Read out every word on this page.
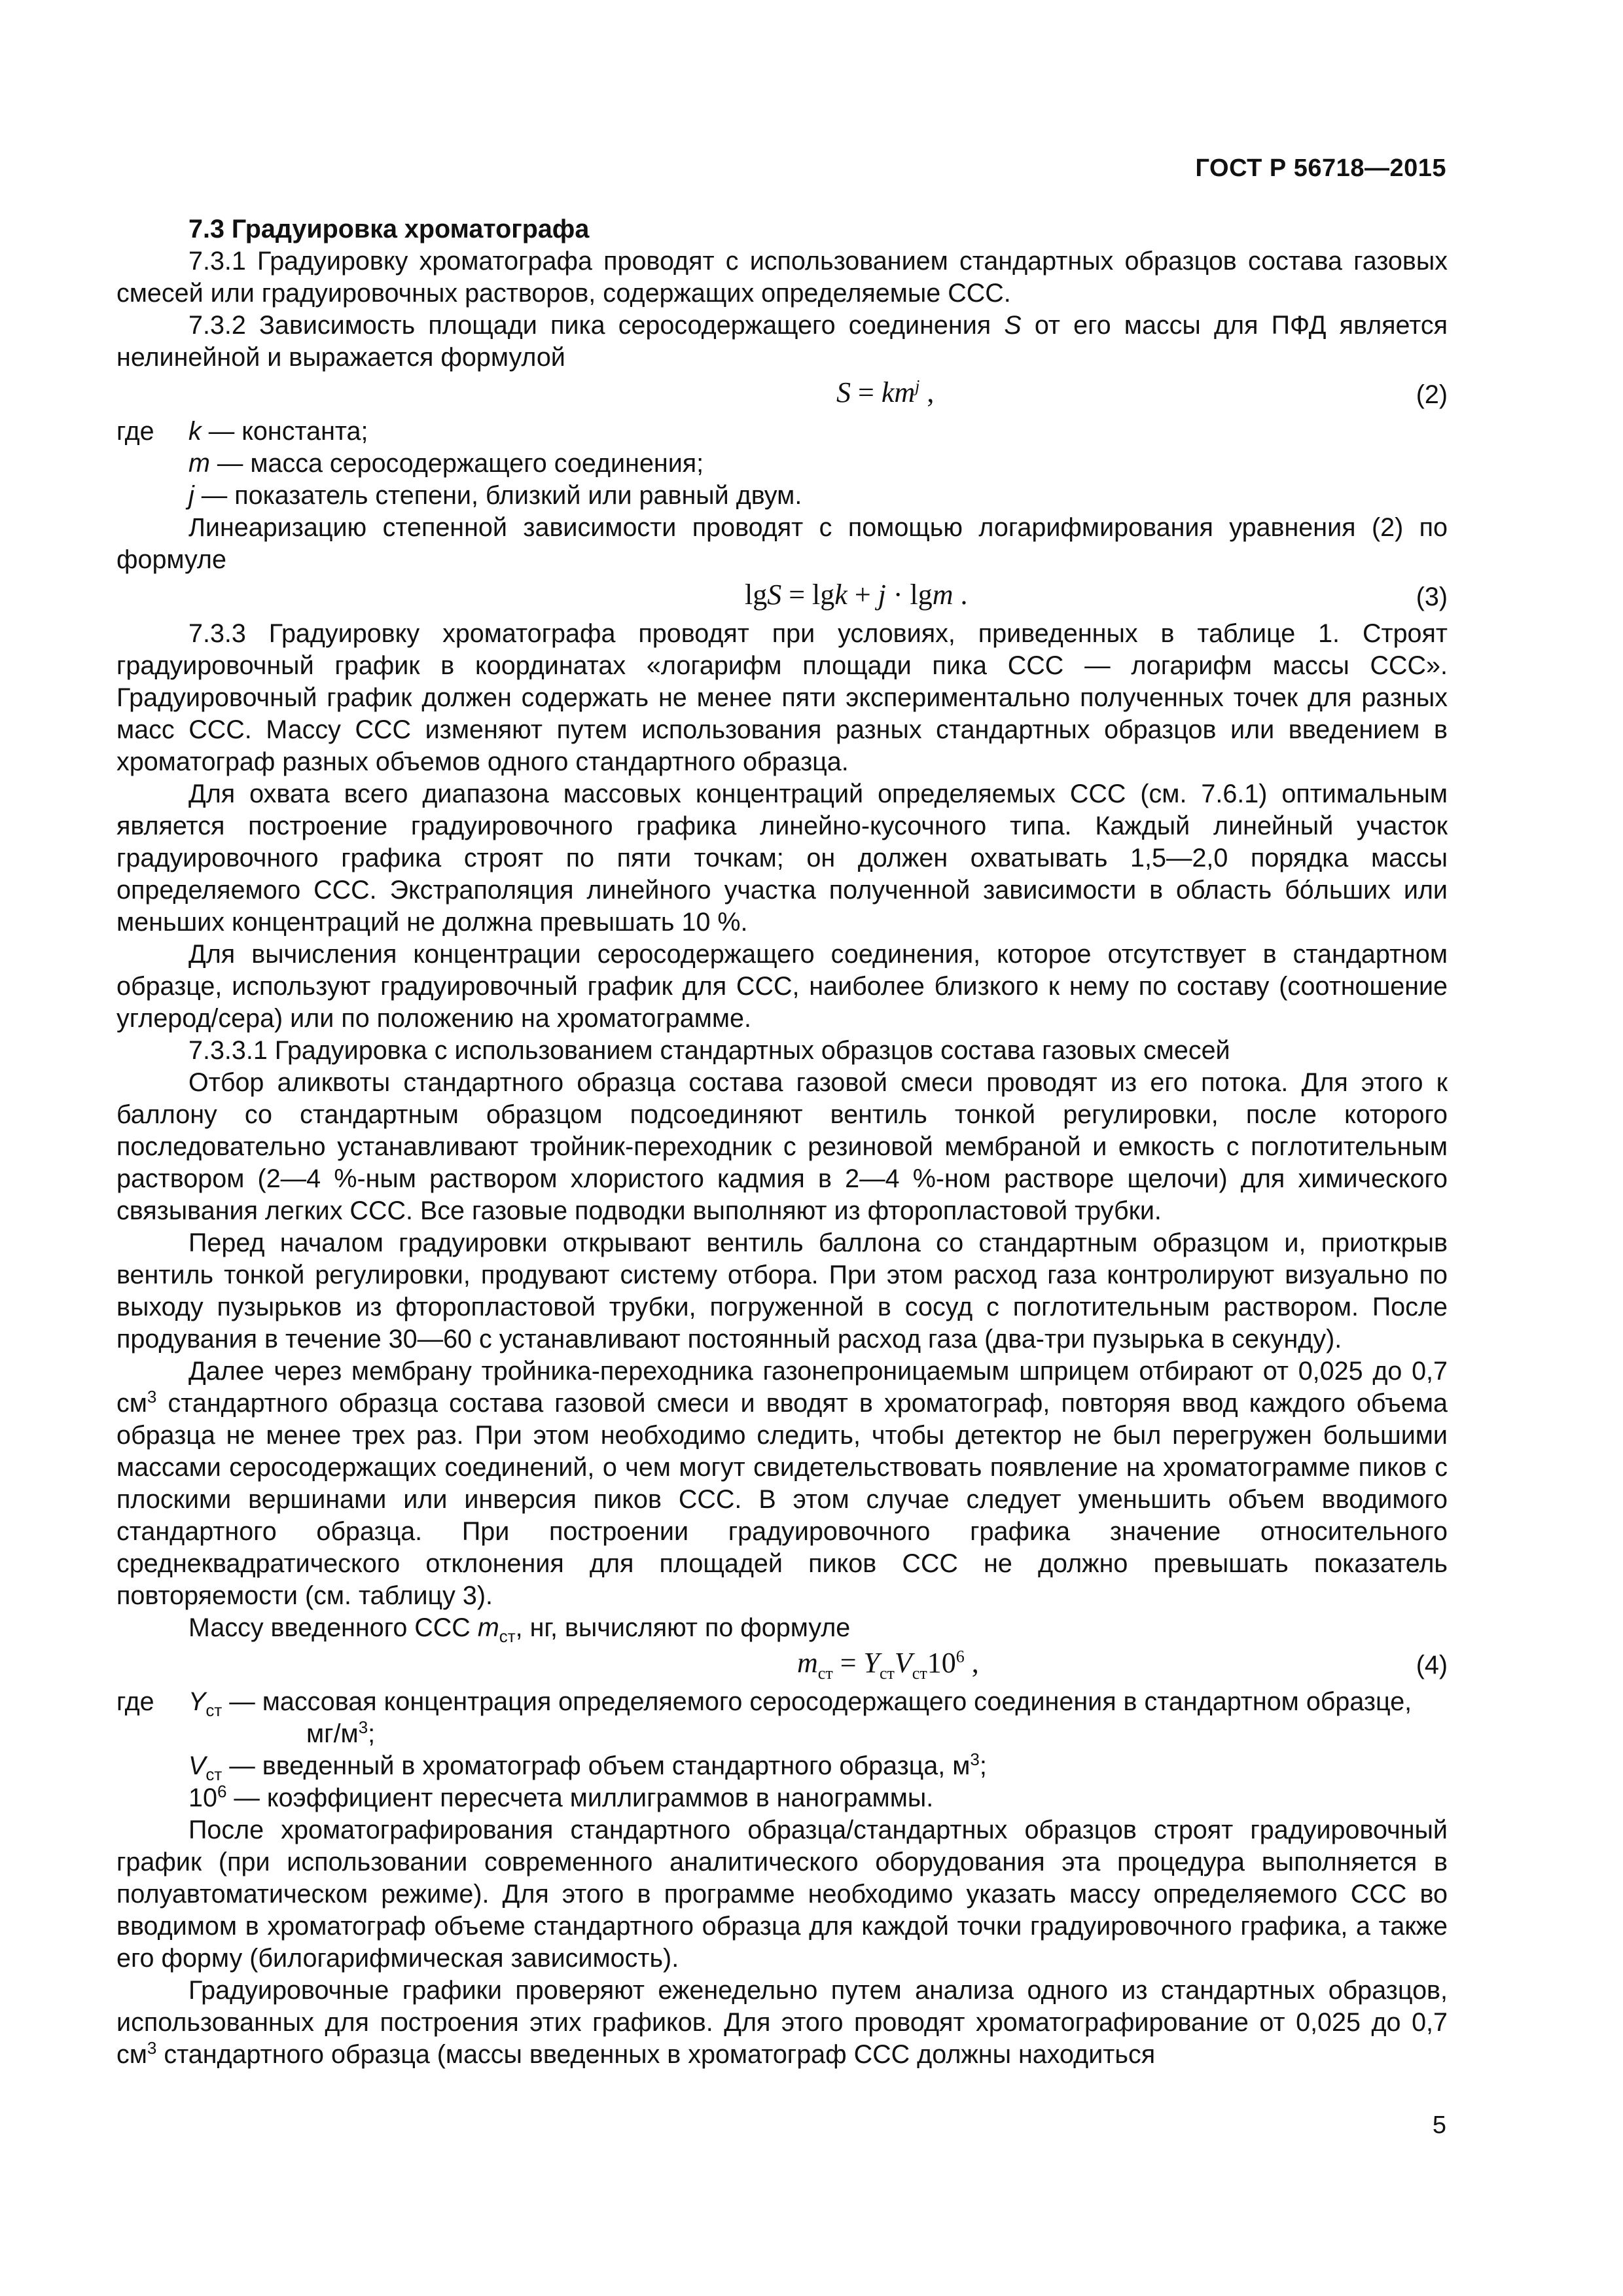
ГОСТ Р 56718—2015

7.3 Градуировка хроматографа

7.3.1 Градуировку хроматографа проводят с использованием стандартных образцов состава газовых смесей или градуировочных растворов, содержащих определяемые ССС.

7.3.2 Зависимость площади пика серосодержащего соединения S от его массы для ПФД является нелинейной и выражается формулой

$S = km^j$ ,	(2)
где	k — константа;

m — масса серосодержащего соединения;

j — показатель степени, близкий или равный двум.

Линеаризацию степенной зависимости проводят с помощью логарифмирования уравнения (2) по формуле

lgS = lgk + j · lgm .	(3)

7.3.3 Градуировку хроматографа проводят при условиях, приведенных в таблице 1. Строят градуировочный график в координатах «логарифм площади пика ССС — логарифм массы ССС». Градуировочный график должен содержать не менее пяти экспериментально полученных точек для разных масс ССС. Массу ССС изменяют путем использования разных стандартных образцов или введением в хроматограф разных объемов одного стандартного образца.

Для охвата всего диапазона массовых концентраций определяемых ССС (см. 7.6.1) оптимальным является построение градуировочного графика линейно-кусочного типа. Каждый линейный участок градуировочного графика строят по пяти точкам; он должен охватывать 1,5—2,0 порядка массы определяемого ССС. Экстраполяция линейного участка полученной зависимости в область бо́льших или меньших концентраций не должна превышать 10 %.

Для вычисления концентрации серосодержащего соединения, которое отсутствует в стандартном образце, используют градуировочный график для ССС, наиболее близкого к нему по составу (соотношение углерод/сера) или по положению на хроматограмме.

7.3.3.1 Градуировка с использованием стандартных образцов состава газовых смесей

Отбор аликвоты стандартного образца состава газовой смеси проводят из его потока. Для этого к баллону со стандартным образцом подсоединяют вентиль тонкой регулировки, после которого последовательно устанавливают тройник-переходник с резиновой мембраной и емкость с поглотительным раствором (2—4 %-ным раствором хлористого кадмия в 2—4 %-ном растворе щелочи) для химического связывания легких ССС. Все газовые подводки выполняют из фторопластовой трубки.

Перед началом градуировки открывают вентиль баллона со стандартным образцом и, приоткрыв вентиль тонкой регулировки, продувают систему отбора. При этом расход газа контролируют визуально по выходу пузырьков из фторопластовой трубки, погруженной в сосуд с поглотительным раствором. После продувания в течение 30—60 с устанавливают постоянный расход газа (два-три пузырька в секунду).

Далее через мембрану тройника-переходника газонепроницаемым шприцем отбирают от 0,025 до 0,7 $см^3$ стандартного образца состава газовой смеси и вводят в хроматограф, повторяя ввод каждого объема образца не менее трех раз. При этом необходимо следить, чтобы детектор не был перегружен большими массами серосодержащих соединений, о чем могут свидетельствовать появление на хроматограмме пиков с плоскими вершинами или инверсия пиков ССС. В этом случае следует уменьшить объем вводимого стандартного образца. При построении градуировочного графика значение относительного среднеквадратического отклонения для площадей пиков ССС не должно превышать показатель повторяемости (см. таблицу 3).

Массу введенного ССС $m_{ст}$, нг, вычисляют по формуле

$m_{ст} = Y_{ст}V_{ст}10^6$ ,	(4)
где	$Y_{ст}$ — массовая концентрация определяемого серосодержащего соединения в стандартном образце, $мг/м^3$;

$V_{ст}$ — введенный в хроматограф объем стандартного образца, $м^3$;

$10^6$ — коэффициент пересчета миллиграммов в нанограммы.

После хроматографирования стандартного образца/стандартных образцов строят градуировочный график (при использовании современного аналитического оборудования эта процедура выполняется в полуавтоматическом режиме). Для этого в программе необходимо указать массу определяемого ССС во вводимом в хроматограф объеме стандартного образца для каждой точки градуировочного графика, а также его форму (билогарифмическая зависимость).

Градуировочные графики проверяют еженедельно путем анализа одного из стандартных образцов, использованных для построения этих графиков. Для этого проводят хроматографирование от 0,025 до 0,7 $см^3$ стандартного образца (массы введенных в хроматограф ССС должны находиться

5
